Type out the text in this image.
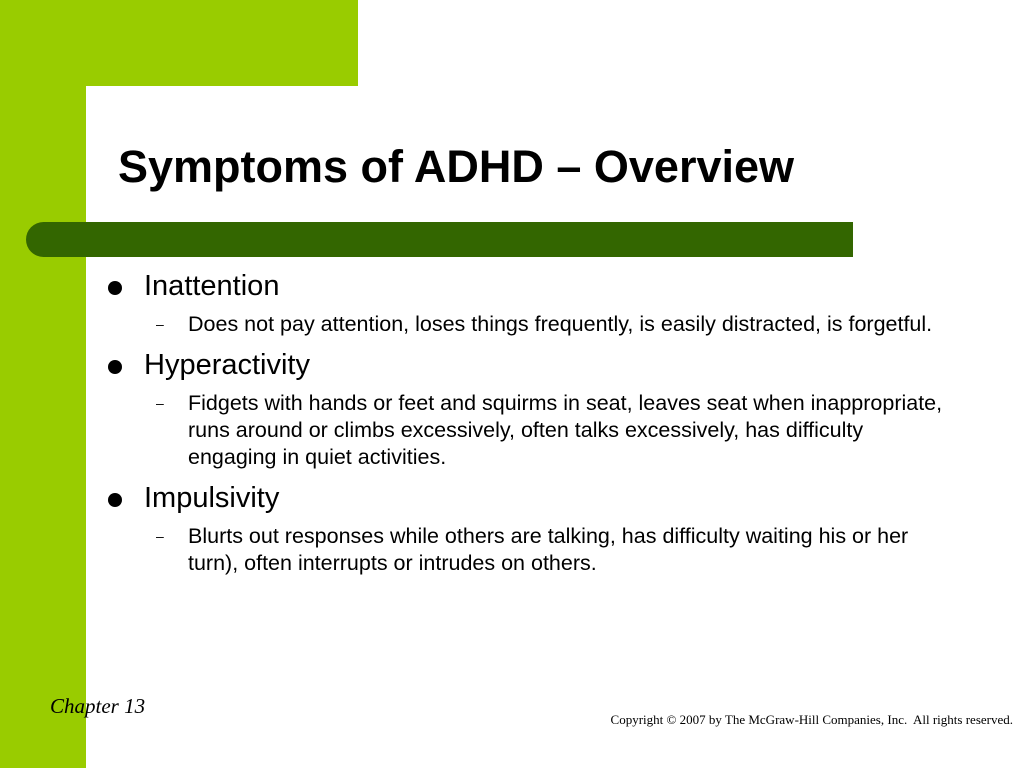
Symptoms of ADHD – Overview
Inattention
– Does not pay attention, loses things frequently, is easily distracted, is forgetful.
Hyperactivity
– Fidgets with hands or feet and squirms in seat, leaves seat when inappropriate, runs around or climbs excessively, often talks excessively, has difficulty engaging in quiet activities.
Impulsivity
– Blurts out responses while others are talking, has difficulty waiting his or her turn), often interrupts or intrudes on others.
Chapter 13
Copyright © 2007 by The McGraw-Hill Companies, Inc.  All rights reserved.
